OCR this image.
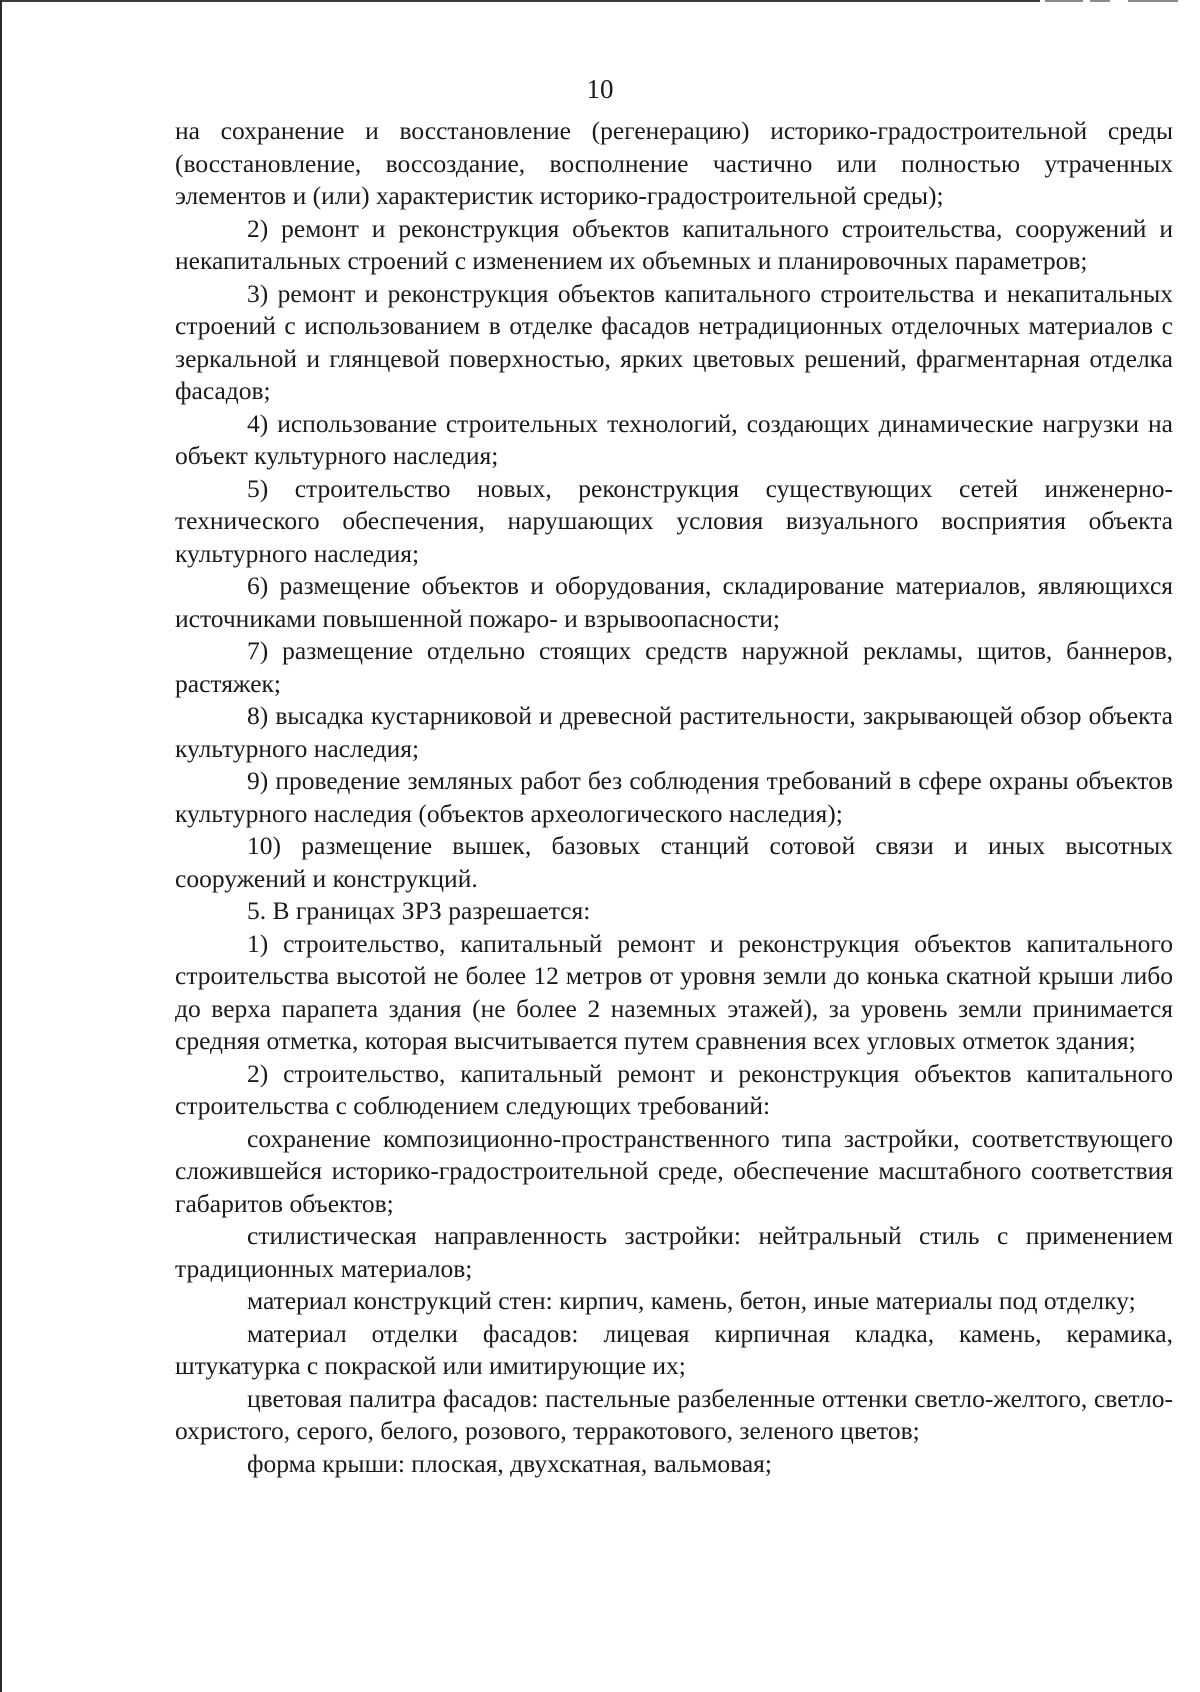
10

на сохранение и восстановление (регенерацию) историко-градостроительной среды (восстановление, воссоздание, восполнение частично или полностью утраченных элементов и (или) характеристик историко-градостроительной среды);

2) ремонт и реконструкция объектов капитального строительства, сооружений и некапитальных строений с изменением их объемных и планировочных параметров;

3) ремонт и реконструкция объектов капитального строительства и некапитальных строений с использованием в отделке фасадов нетрадиционных отделочных материалов с зеркальной и глянцевой поверхностью, ярких цветовых решений, фрагментарная отделка фасадов;

4) использование строительных технологий, создающих динамические нагрузки на объект культурного наследия;

5) строительство новых, реконструкция существующих сетей инженерно-технического обеспечения, нарушающих условия визуального восприятия объекта культурного наследия;

6) размещение объектов и оборудования, складирование материалов, являющихся источниками повышенной пожаро- и взрывоопасности;

7) размещение отдельно стоящих средств наружной рекламы, щитов, баннеров, растяжек;

8) высадка кустарниковой и древесной растительности, закрывающей обзор объекта культурного наследия;

9) проведение земляных работ без соблюдения требований в сфере охраны объектов культурного наследия (объектов археологического наследия);

10) размещение вышек, базовых станций сотовой связи и иных высотных сооружений и конструкций.

5. В границах ЗРЗ разрешается:

1) строительство, капитальный ремонт и реконструкция объектов капитального строительства высотой не более 12 метров от уровня земли до конька скатной крыши либо до верха парапета здания (не более 2 наземных этажей), за уровень земли принимается средняя отметка, которая высчитывается путем сравнения всех угловых отметок здания;

2) строительство, капитальный ремонт и реконструкция объектов капитального строительства с соблюдением следующих требований:

сохранение композиционно-пространственного типа застройки, соответствующего сложившейся историко-градостроительной среде, обеспечение масштабного соответствия габаритов объектов;

стилистическая направленность застройки: нейтральный стиль с применением традиционных материалов;

материал конструкций стен: кирпич, камень, бетон, иные материалы под отделку;

материал отделки фасадов: лицевая кирпичная кладка, камень, керамика, штукатурка с покраской или имитирующие их;

цветовая палитра фасадов: пастельные разбеленные оттенки светло-желтого, светло-охристого, серого, белого, розового, терракотового, зеленого цветов;

форма крыши: плоская, двухскатная, вальмовая;
